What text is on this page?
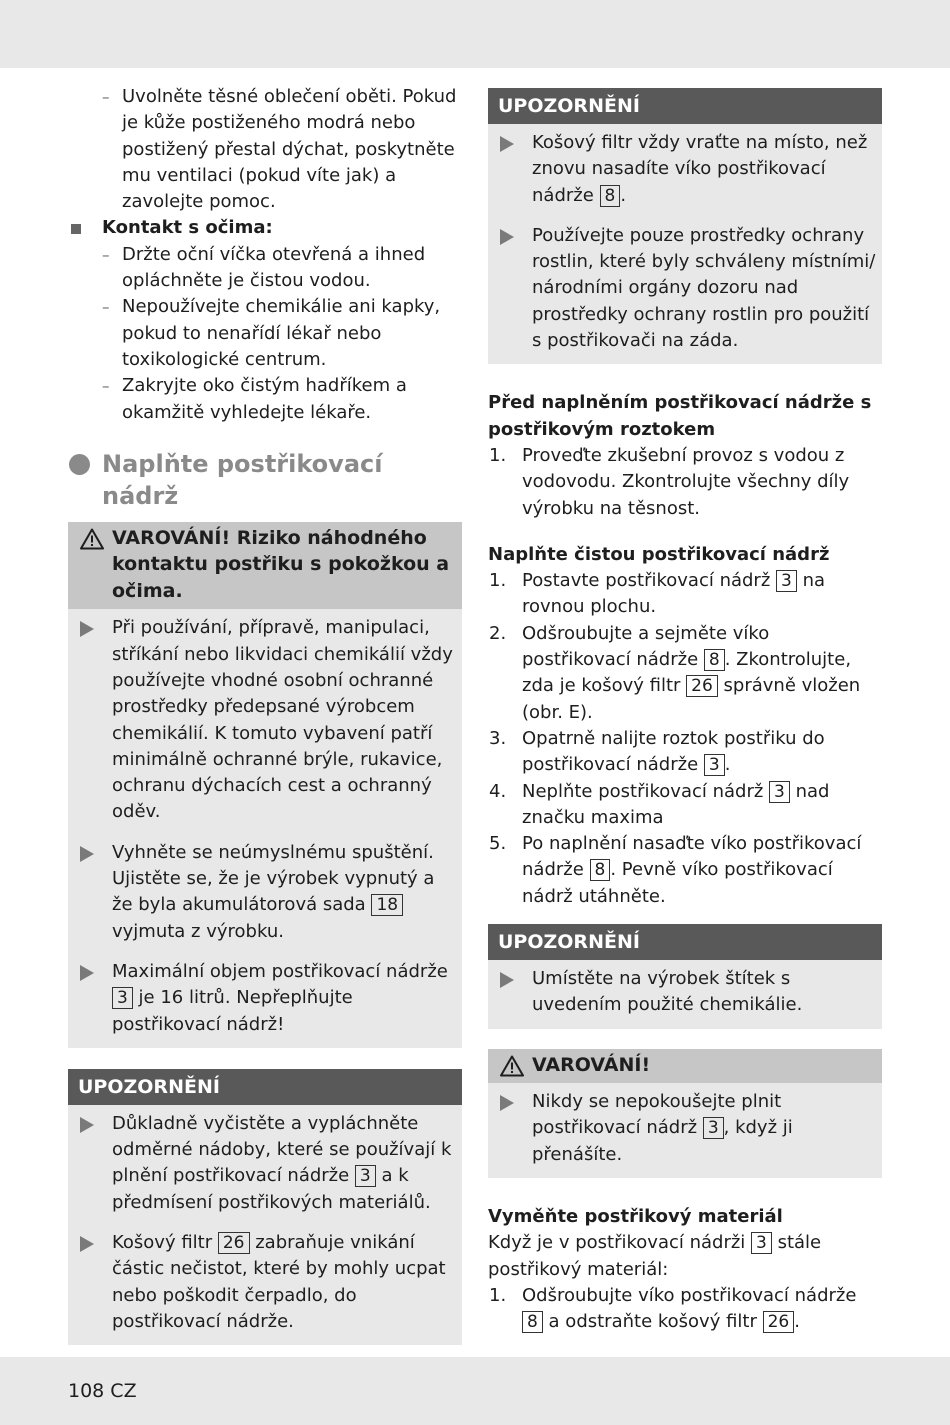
– Uvolněte těsné oblečení oběti. Pokud je kůže postiženého modrá nebo postižený přestal dýchat, poskytněte mu ventilaci (pokud víte jak) a zavolejte pomoc.
Kontakt s očima:
– Držte oční víčka otevřená a ihned opláchněte je čistou vodou.
– Nepoužívejte chemikálie ani kapky, pokud to nenařídí lékař nebo toxikologické centrum.
– Zakryjte oko čistým hadříkem a okamžitě vyhledejte lékaře.
Naplňte postřikovací nádrž
VAROVÁNÍ! Riziko náhodného kontaktu postřiku s pokožkou a očima.
Při používání, přípravě, manipulaci, stříkání nebo likvidaci chemikálií vždy používejte vhodné osobní ochranné prostředky předepsané výrobcem chemikálií. K tomuto vybavení patří minimálně ochranné brýle, rukavice, ochranu dýchacích cest a ochranný oděv.
Vyhněte se neúmyslnému spuštění. Ujistěte se, že je výrobek vypnutý a že byla akumulátorová sada 18 vyjmuta z výrobku.
Maximální objem postřikovací nádrže 3 je 16 litrů. Nepřeplňujte postřikovací nádrž!
UPOZORNĚNÍ
Důkladně vyčistěte a vypláchněte odměrné nádoby, které se používají k plnění postřikovací nádrže 3 a k předmísení postřikových materiálů.
Košový filtr 26 zabraňuje vnikání částic nečistot, které by mohly ucpat nebo poškodit čerpadlo, do postřikovací nádrže.
UPOZORNĚNÍ
Košový filtr vždy vraťte na místo, než znovu nasadíte víko postřikovací nádrže 8 .
Používejte pouze prostředky ochrany rostlin, které byly schváleny místními/ národními orgány dozoru nad prostředky ochrany rostlin pro použití s postřikovači na záda.
Před naplněním postřikovací nádrže s postřikovým roztokem
1. Proveďte zkušební provoz s vodou z vodovodu. Zkontrolujte všechny díly výrobku na těsnost.
Naplňte čistou postřikovací nádrž
1. Postavte postřikovací nádrž 3 na rovnou plochu.
2. Odšroubujte a sejměte víko postřikovací nádrže 8 . Zkontrolujte, zda je košový filtr 26 správně vložen (obr. E).
3. Opatrně nalijte roztok postřiku do postřikovací nádrže 3 .
4. Neplňte postřikovací nádrž 3 nad značku maxima
5. Po naplnění nasaďte víko postřikovací nádrže 8 . Pevně víko postřikovací nádrž utáhněte.
UPOZORNĚNÍ
Umístěte na výrobek štítek s uvedením použité chemikálie.
VAROVÁNÍ!
Nikdy se nepokoušejte plnit postřikovací nádrž 3 , když ji přenášíte.
Vyměňte postřikový materiál

Když je v postřikovací nádrži 3 stále postřikový materiál:

1. Odšroubujte víko postřikovací nádrže 8 a odstraňte košový filtr 26 .
108 CZ
